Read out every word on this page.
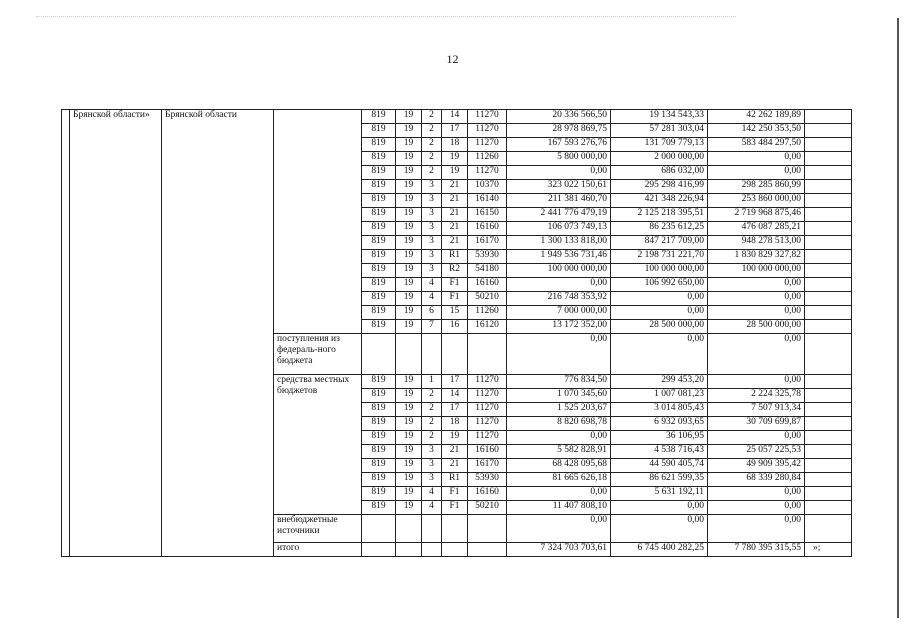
12
	Брянской области»	Брянской области		819	19	2	14	11270	20 336 566,50	19 134 543,33	42 262 189,89	
				819	19	2	17	11270	28 978 869,75	57 281 303,04	142 250 353,50	
				819	19	2	18	11270	167 593 276,76	131 709 779,13	583 484 297,50	
				819	19	2	19	11260	5 800 000,00	2 000 000,00	0,00	
				819	19	2	19	11270	0,00	686 032,00	0,00	
				819	19	3	21	10370	323 022 150,61	295 298 416,99	298 285 860,99	
				819	19	3	21	16140	211 381 460,70	421 348 226,94	253 860 000,00	
				819	19	3	21	16150	2 441 776 479,19	2 125 218 395,51	2 719 968 875,46	
				819	19	3	21	16160	106 073 749,13	86 235 612,25	476 087 285,21	
				819	19	3	21	16170	1 300 133 818,00	847 217 709,00	948 278 513,00	
				819	19	3	R1	53930	1 949 536 731,46	2 198 731 221,70	1 830 829 327,82	
				819	19	3	R2	54180	100 000 000,00	100 000 000,00	100 000 000,00	
				819	19	4	F1	16160	0,00	106 992 650,00	0,00	
				819	19	4	F1	50210	216 748 353,92	0,00	0,00	
				819	19	6	15	11260	7 000 000,00	0,00	0,00	
				819	19	7	16	16120	13 172 352,00	28 500 000,00	28 500 000,00	
			поступления из федераль-ного бюджета						0,00	0,00	0,00	
			средства местных бюджетов	819	19	1	17	11270	776 834,50	299 453,20	0,00	
				819	19	2	14	11270	1 070 345,60	1 007 081,23	2 224 325,78	
				819	19	2	17	11270	1 525 203,67	3 014 805,43	7 507 913,34	
				819	19	2	18	11270	8 820 698,78	6 932 093,65	30 709 699,87	
				819	19	2	19	11270	0,00	36 106,95	0,00	
				819	19	3	21	16160	5 582 828,91	4 538 716,43	25 057 225,53	
				819	19	3	21	16170	68 428 095,68	44 590 405,74	49 909 395,42	
				819	19	3	R1	53930	81 665 626,18	86 621 599,35	68 339 280,84	
				819	19	4	F1	16160	0,00	5 631 192,11	0,00	
				819	19	4	F1	50210	11 407 808,10	0,00	0,00	
			внебюджетные источники						0,00	0,00	0,00	
			итого						7 324 703 703,61	6 745 400 282,25	7 780 395 315,55	»;
